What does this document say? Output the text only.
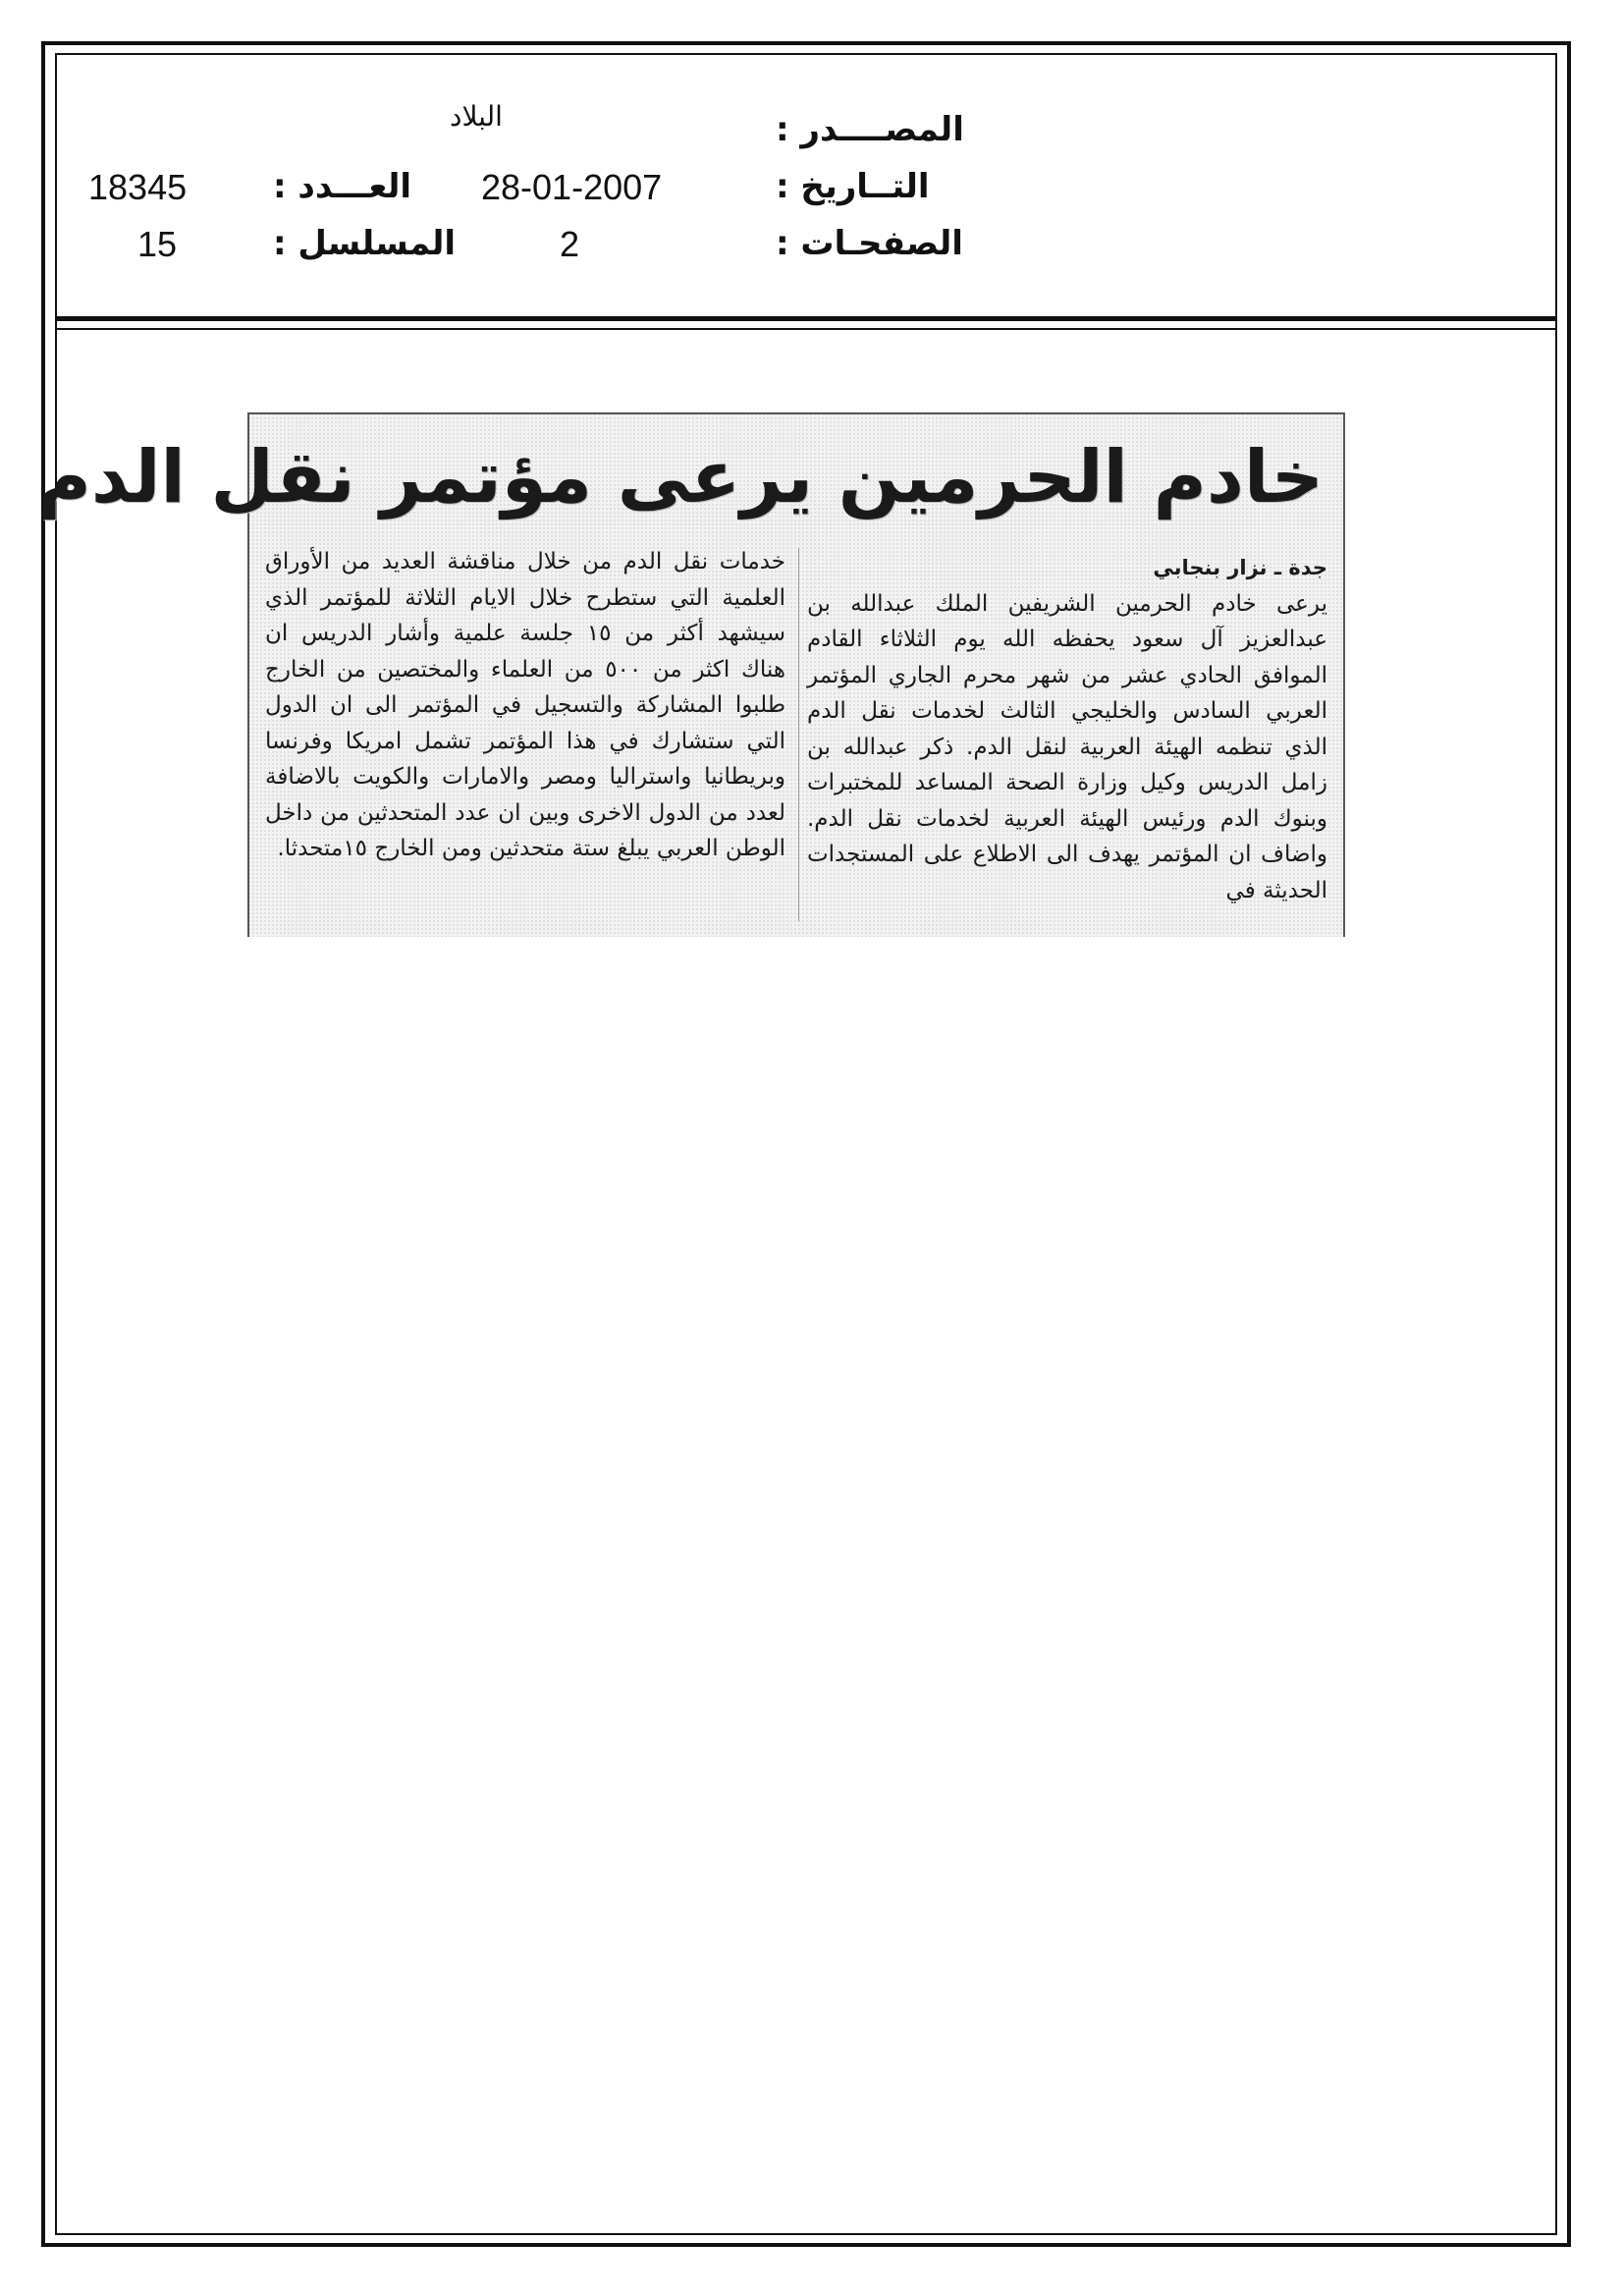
المصــــدر :
البلاد
التــاريخ :
28-01-2007
العـــدد :
18345
الصفحـات :
2
المسلسل :
15
خادم الحرمين يرعى مؤتمر نقل الدم

جدة ـ نزار بنجابي

يرعى خادم الحرمين الشريفين الملك عبدالله بن عبدالعزيز آل سعود يحفظه الله يوم الثلاثاء القادم الموافق الحادي عشر من شهر محرم الجاري المؤتمر العربي السادس والخليجي الثالث لخدمات نقل الدم الذي تنظمه الهيئة العربية لنقل الدم. ذكر عبدالله بن زامل الدريس وكيل وزارة الصحة المساعد للمختبرات وبنوك الدم ورئيس الهيئة العربية لخدمات نقل الدم. واضاف ان المؤتمر يهدف الى الاطلاع على المستجدات الحديثة في

خدمات نقل الدم من خلال مناقشة العديد من الأوراق العلمية التي ستطرح خلال الايام الثلاثة للمؤتمر الذي سيشهد أكثر من ١٥ جلسة علمية وأشار الدريس ان هناك اكثر من ٥٠٠ من العلماء والمختصين من الخارج طلبوا المشاركة والتسجيل في المؤتمر الى ان الدول التي ستشارك في هذا المؤتمر تشمل امريكا وفرنسا وبريطانيا واستراليا ومصر والامارات والكويت بالاضافة لعدد من الدول الاخرى وبين ان عدد المتحدثين من داخل الوطن العربي يبلغ ستة متحدثين ومن الخارج ١٥متحدثا.
